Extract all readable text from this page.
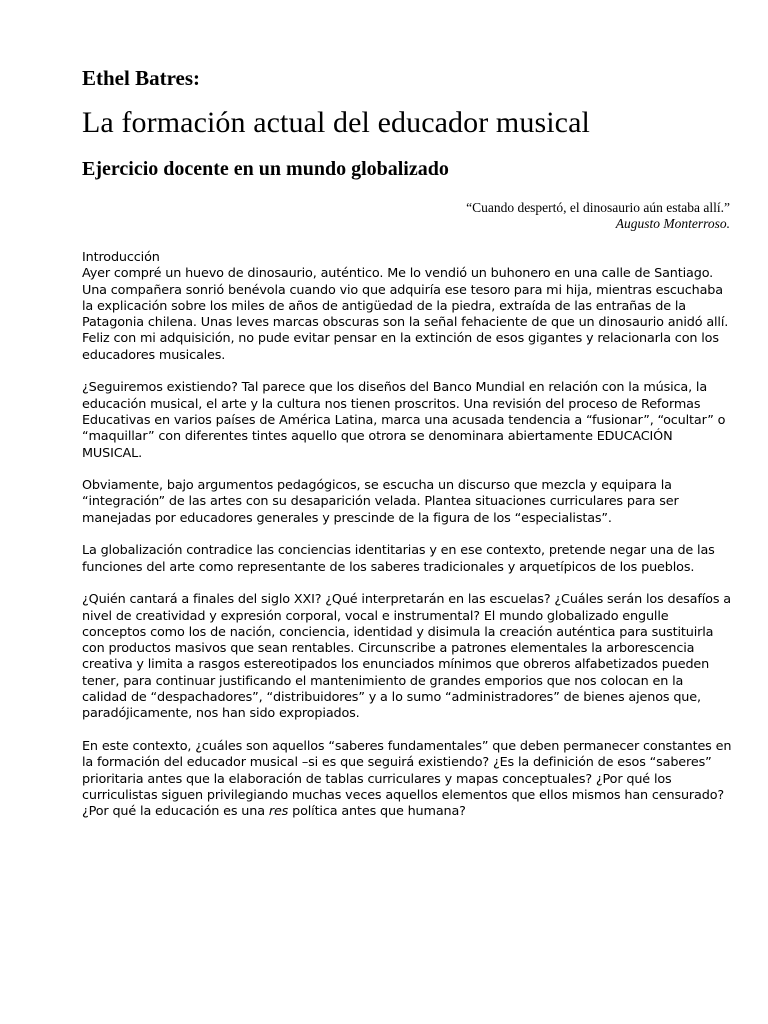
Ethel Batres:
La formación actual del educador musical
Ejercicio docente en un mundo globalizado
“Cuando despertó, el dinosaurio aún estaba allí.”
Augusto Monterroso.

Introducción

Ayer compré un huevo de dinosaurio, auténtico. Me lo vendió un buhonero en una calle de Santiago. Una compañera sonrió benévola cuando vio que adquiría ese tesoro para mi hija, mientras escuchaba la explicación sobre los miles de años de antigüedad de la piedra, extraída de las entrañas de la Patagonia chilena. Unas leves marcas obscuras son la señal fehaciente de que un dinosaurio anidó allí. Feliz con mi adquisición, no pude evitar pensar en la extinción de esos gigantes y relacionarla con los educadores musicales.

¿Seguiremos existiendo? Tal parece que los diseños del Banco Mundial en relación con la música, la educación musical, el arte y la cultura nos tienen proscritos. Una revisión del proceso de Reformas Educativas en varios países de América Latina, marca una acusada tendencia a “fusionar”, “ocultar” o “maquillar” con diferentes tintes aquello que otrora se denominara abiertamente EDUCACIÓN MUSICAL.

Obviamente, bajo argumentos pedagógicos, se escucha un discurso que mezcla y equipara la “integración” de las artes con su desaparición velada. Plantea situaciones curriculares para ser manejadas por educadores generales y prescinde de la figura de los “especialistas”.

La globalización contradice las conciencias identitarias y en ese contexto, pretende negar una de las funciones del arte como representante de los saberes tradicionales y arquetípicos de los pueblos.

¿Quién cantará a finales del siglo XXI? ¿Qué interpretarán en las escuelas? ¿Cuáles serán los desafíos a nivel de creatividad y expresión corporal, vocal e instrumental? El mundo globalizado engulle conceptos como los de nación, conciencia, identidad y disimula la creación auténtica para sustituirla con productos masivos que sean rentables. Circunscribe a patrones elementales la arborescencia creativa y limita a rasgos estereotipados los enunciados mínimos que obreros alfabetizados pueden tener, para continuar justificando el mantenimiento de grandes emporios que nos colocan en la calidad de “despachadores”, “distribuidores” y a lo sumo “administradores” de bienes ajenos que, paradójicamente, nos han sido expropiados.

En este contexto, ¿cuáles son aquellos “saberes fundamentales” que deben permanecer constantes en la formación del educador musical –si es que seguirá existiendo? ¿Es la definición de esos “saberes” prioritaria antes que la elaboración de tablas curriculares y mapas conceptuales? ¿Por qué los curriculistas siguen privilegiando muchas veces aquellos elementos que ellos mismos han censurado? ¿Por qué la educación es una res política antes que humana?
